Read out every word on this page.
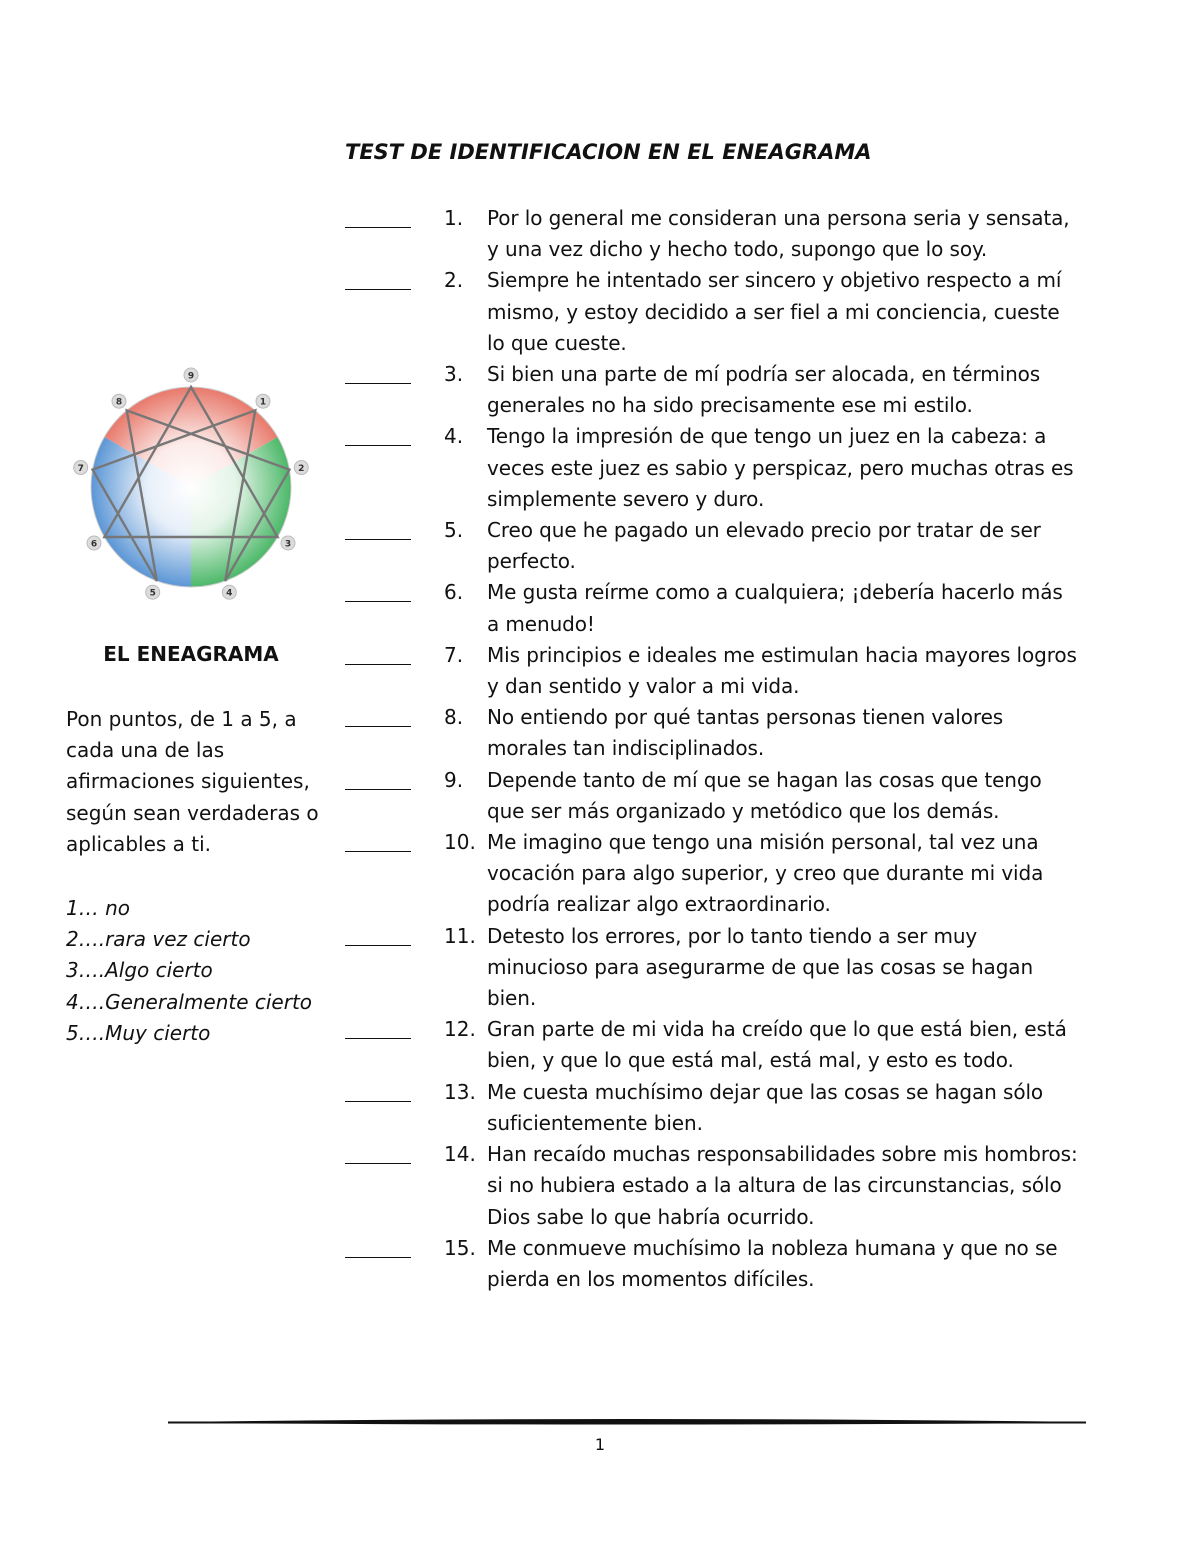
TEST DE IDENTIFICACION EN EL ENEAGRAMA
9
1
2
3
4
5
6
7
8
EL ENEAGRAMA
Pon puntos, de 1 a 5, a cada una de las afirmaciones siguientes, según sean verdaderas o aplicables a ti.
1… no
2….rara vez cierto
3….Algo cierto
4….Generalmente cierto
5….Muy cierto
1. Por lo general me consideran una persona seria y sensata, y una vez dicho y hecho todo, supongo que lo soy.
2. Siempre he intentado ser sincero y objetivo respecto a mí mismo, y estoy decidido a ser fiel a mi conciencia, cueste lo que cueste.
3. Si bien una parte de mí podría ser alocada, en términos generales no ha sido precisamente ese mi estilo.
4. Tengo la impresión de que tengo un juez en la cabeza: a veces este juez es sabio y perspicaz, pero muchas otras es simplemente severo y duro.
5. Creo que he pagado un elevado precio por tratar de ser perfecto.
6. Me gusta reírme como a cualquiera; ¡debería hacerlo más a menudo!
7. Mis principios e ideales me estimulan hacia mayores logros y dan sentido y valor a mi vida.
8. No entiendo por qué tantas personas tienen valores morales tan indisciplinados.
9. Depende tanto de mí que se hagan las cosas que tengo que ser más organizado y metódico que los demás.
10. Me imagino que tengo una misión personal, tal vez una vocación para algo superior, y creo que durante mi vida podría realizar algo extraordinario.
11. Detesto los errores, por lo tanto tiendo a ser muy minucioso para asegurarme de que las cosas se hagan bien.
12. Gran parte de mi vida ha creído que lo que está bien, está bien, y que lo que está mal, está mal, y esto es todo.
13. Me cuesta muchísimo dejar que las cosas se hagan sólo suficientemente bien.
14. Han recaído muchas responsabilidades sobre mis hombros: si no hubiera estado a la altura de las circunstancias, sólo Dios sabe lo que habría ocurrido.
15. Me conmueve muchísimo la nobleza humana y que no se pierda en los momentos difíciles.
1
